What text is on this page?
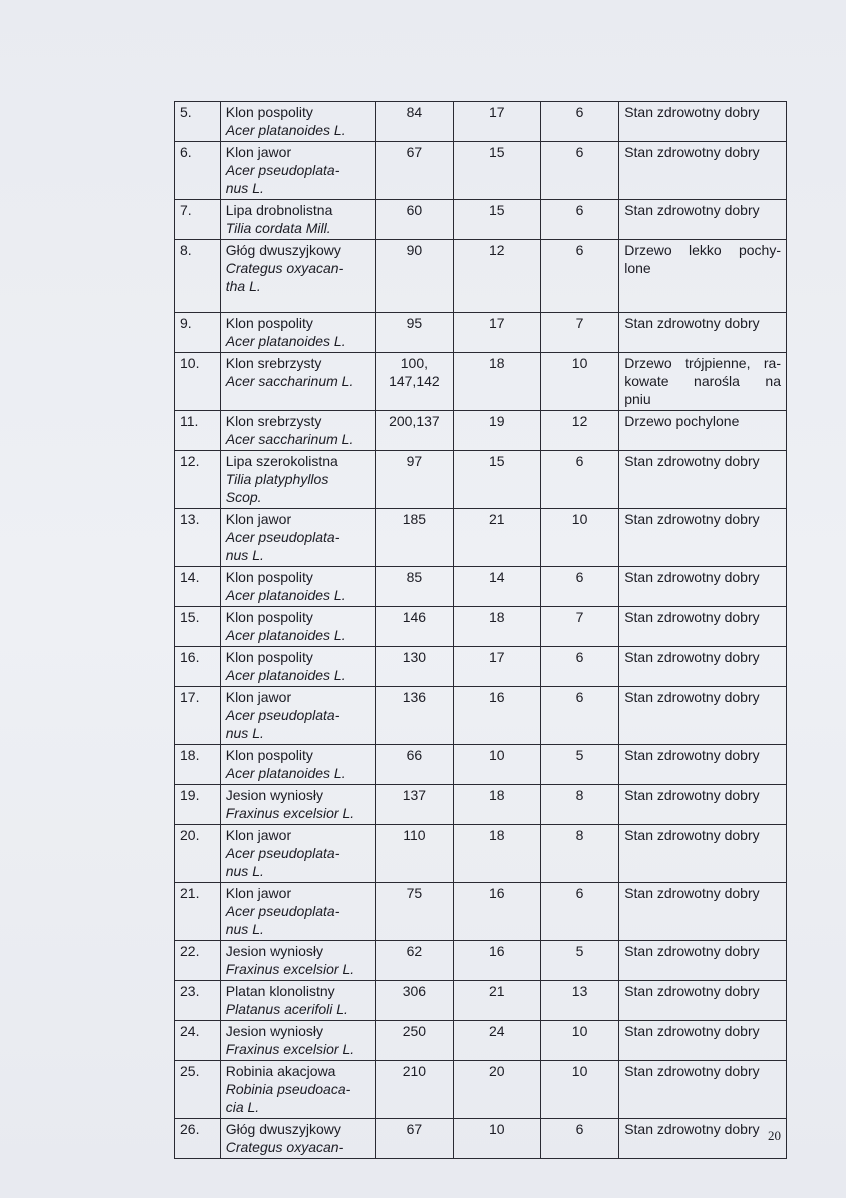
5.	Klon pospolity
Acer platanoides L.	84	17	6	Stan zdrowotny dobry

6.	Klon jawor
Acer pseudoplata-
nus L.	67	15	6	Stan zdrowotny dobry

7.	Lipa drobnolistna
Tilia cordata Mill.	60	15	6	Stan zdrowotny dobry

8.	Głóg dwuszyjkowy
Crategus oxyacan-
tha L.	90	12	6	Drzewo lekko pochy-
lone

9.	Klon pospolity
Acer platanoides L.	95	17	7	Stan zdrowotny dobry

10.	Klon srebrzysty
Acer saccharinum L.	100,
147,142	18	10	Drzewo trójpienne, ra-
kowate narośla na
pniu

11.	Klon srebrzysty
Acer saccharinum L.	200,137	19	12	Drzewo pochylone

12.	Lipa szerokolistna
Tilia platyphyllos
Scop.	97	15	6	Stan zdrowotny dobry

13.	Klon jawor
Acer pseudoplata-
nus L.	185	21	10	Stan zdrowotny dobry

14.	Klon pospolity
Acer platanoides L.	85	14	6	Stan zdrowotny dobry

15.	Klon pospolity
Acer platanoides L.	146	18	7	Stan zdrowotny dobry

16.	Klon pospolity
Acer platanoides L.	130	17	6	Stan zdrowotny dobry

17.	Klon jawor
Acer pseudoplata-
nus L.	136	16	6	Stan zdrowotny dobry

18.	Klon pospolity
Acer platanoides L.	66	10	5	Stan zdrowotny dobry

19.	Jesion wyniosły
Fraxinus excelsior L.	137	18	8	Stan zdrowotny dobry

20.	Klon jawor
Acer pseudoplata-
nus L.	110	18	8	Stan zdrowotny dobry

21.	Klon jawor
Acer pseudoplata-
nus L.	75	16	6	Stan zdrowotny dobry

22.	Jesion wyniosły
Fraxinus excelsior L.	62	16	5	Stan zdrowotny dobry

23.	Platan klonolistny
Platanus acerifoli L.	306	21	13	Stan zdrowotny dobry

24.	Jesion wyniosły
Fraxinus excelsior L.	250	24	10	Stan zdrowotny dobry

25.	Robinia akacjowa
Robinia pseudoaca-
cia L.	210	20	10	Stan zdrowotny dobry

26.	Głóg dwuszyjkowy
Crategus oxyacan-	67	10	6	Stan zdrowotny dobry 20
